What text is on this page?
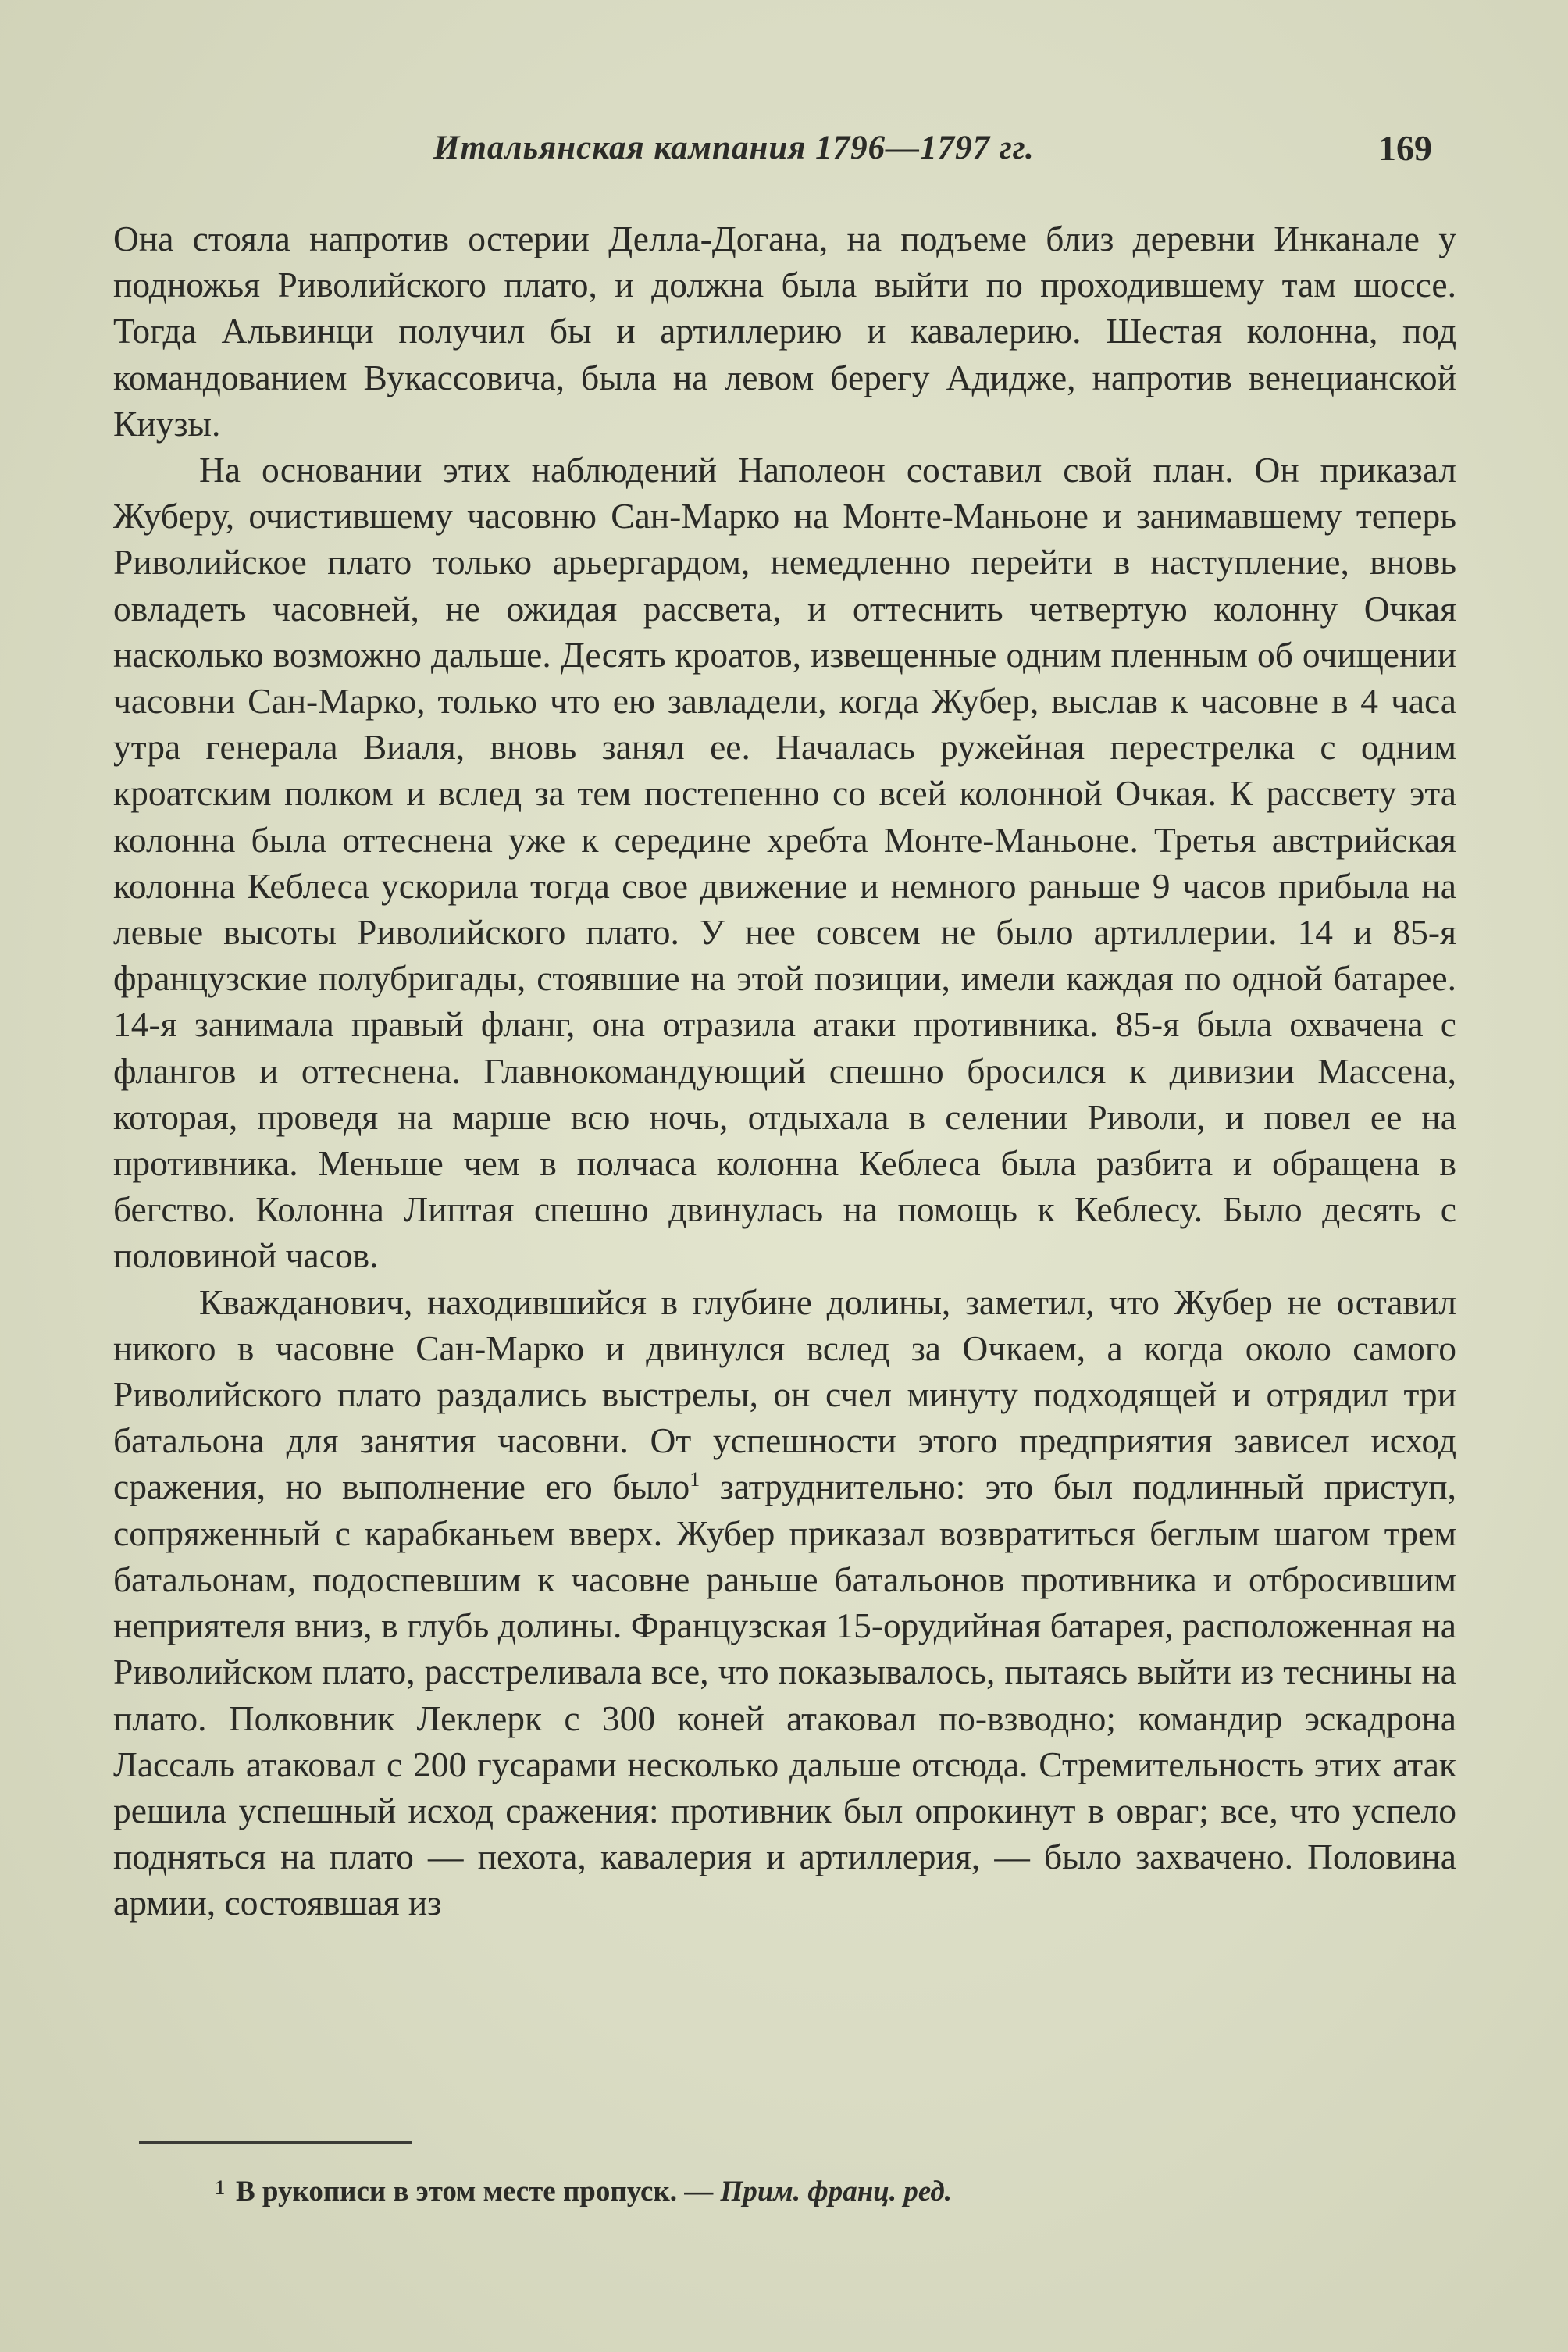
Итальянская кампания 1796—1797 гг.	169

Она стояла напротив остерии Делла-Догана, на подъеме близ деревни Инканале у подножья Риволийского плато, и должна была выйти по проходившему там шоссе. Тогда Альвинци получил бы и артиллерию и кавалерию. Шестая колонна, под командованием Вукассовича, была на левом берегу Адидже, напротив венецианской Киузы.

На основании этих наблюдений Наполеон составил свой план. Он приказал Жуберу, очистившему часовню Сан-Марко на Монте-Маньоне и занимавшему теперь Риволийское плато только арьергардом, немедленно перейти в наступление, вновь овладеть часовней, не ожидая рассвета, и оттеснить четвертую колонну Очкая насколько возможно дальше. Десять кроатов, извещенные одним пленным об очищении часовни Сан-Марко, только что ею завладели, когда Жубер, выслав к часовне в 4 часа утра генерала Виаля, вновь занял ее. Началась ружейная перестрелка с одним кроатским полком и вслед за тем постепенно со всей колонной Очкая. К рассвету эта колонна была оттеснена уже к середине хребта Монте-Маньоне. Третья австрийская колонна Кеблеса ускорила тогда свое движение и немного раньше 9 часов прибыла на левые высоты Риволийского плато. У нее совсем не было артиллерии. 14 и 85-я французские полубригады, стоявшие на этой позиции, имели каждая по одной батарее. 14-я занимала правый фланг, она отразила атаки противника. 85-я была охвачена с флангов и оттеснена. Главнокомандующий спешно бросился к дивизии Массена, которая, проведя на марше всю ночь, отдыхала в селении Риволи, и повел ее на противника. Меньше чем в полчаса колонна Кеблеса была разбита и обращена в бегство. Колонна Липтая спешно двинулась на помощь к Кеблесу. Было десять с половиной часов.

Кважданович, находившийся в глубине долины, заметил, что Жубер не оставил никого в часовне Сан-Марко и двинулся вслед за Очкаем, а когда около самого Риволийского плато раздались выстрелы, он счел минуту подходящей и отрядил три батальона для занятия часовни. От успешности этого предприятия зависел исход сражения, но выполнение его было$^1$ затруднительно: это был подлинный приступ, сопряженный с карабканьем вверх. Жубер приказал возвратиться беглым шагом трем батальонам, подоспевшим к часовне раньше батальонов противника и отбросившим неприятеля вниз, в глубь долины. Французская 15-орудийная батарея, расположенная на Риволийском плато, расстреливала все, что показывалось, пытаясь выйти из теснины на плато. Полковник Леклерк с 300 коней атаковал по-взводно; командир эскадрона Лассаль атаковал с 200 гусарами несколько дальше отсюда. Стремительность этих атак решила успешный исход сражения: противник был опрокинут в овраг; все, что успело подняться на плато — пехота, кавалерия и артиллерия, — было захвачено. Половина армии, состоявшая из

$^1$ В рукописи в этом месте пропуск. — Прим. франц. ред.
